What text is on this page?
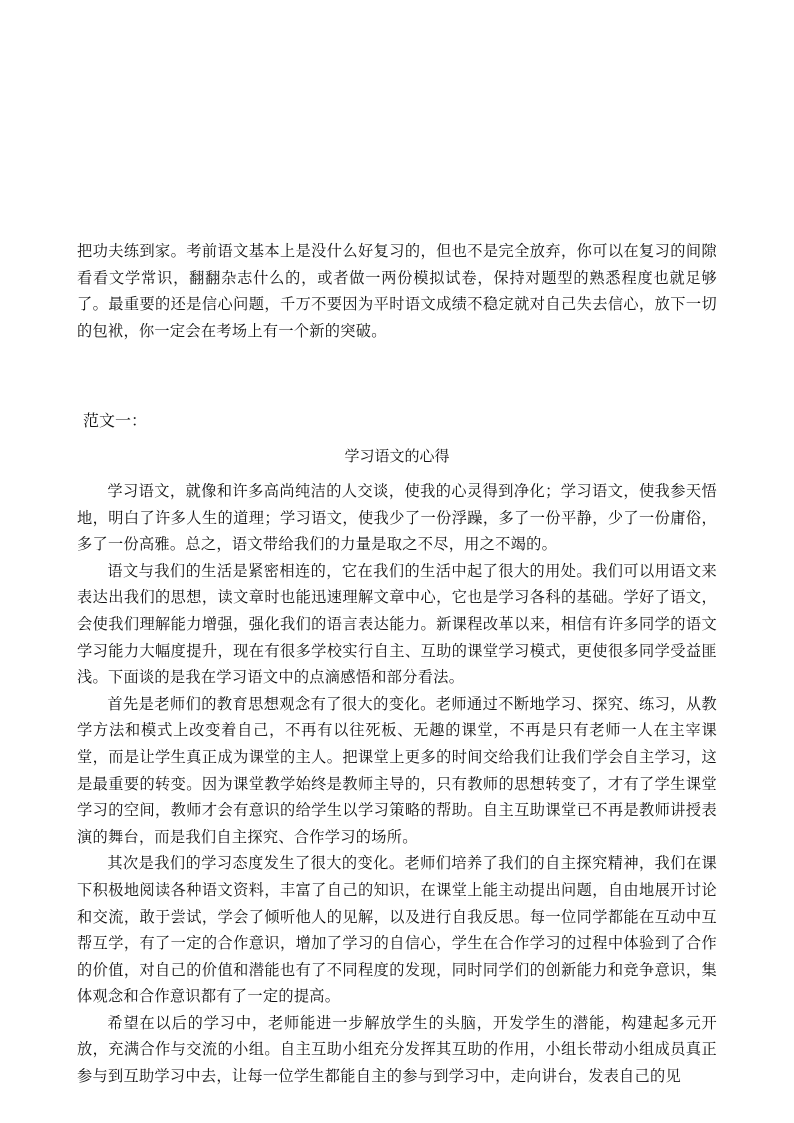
把功夫练到家。考前语文基本上是没什么好复习的，但也不是完全放弃，你可以在复习的间隙看看文学常识，翻翻杂志什么的，或者做一两份模拟试卷，保持对题型的熟悉程度也就足够了。最重要的还是信心问题，千万不要因为平时语文成绩不稳定就对自己失去信心，放下一切的包袱，你一定会在考场上有一个新的突破。

范文一：

学习语文的心得

学习语文，就像和许多高尚纯洁的人交谈，使我的心灵得到净化；学习语文，使我参天悟地，明白了许多人生的道理；学习语文，使我少了一份浮躁，多了一份平静，少了一份庸俗，多了一份高雅。总之，语文带给我们的力量是取之不尽，用之不竭的。

语文与我们的生活是紧密相连的，它在我们的生活中起了很大的用处。我们可以用语文来表达出我们的思想，读文章时也能迅速理解文章中心，它也是学习各科的基础。学好了语文，会使我们理解能力增强，强化我们的语言表达能力。新课程改革以来，相信有许多同学的语文学习能力大幅度提升，现在有很多学校实行自主、互助的课堂学习模式，更使很多同学受益匪浅。下面谈的是我在学习语文中的点滴感悟和部分看法。

首先是老师们的教育思想观念有了很大的变化。老师通过不断地学习、探究、练习，从教学方法和模式上改变着自己，不再有以往死板、无趣的课堂，不再是只有老师一人在主宰课堂，而是让学生真正成为课堂的主人。把课堂上更多的时间交给我们让我们学会自主学习，这是最重要的转变。因为课堂教学始终是教师主导的，只有教师的思想转变了，才有了学生课堂学习的空间，教师才会有意识的给学生以学习策略的帮助。自主互助课堂已不再是教师讲授表演的舞台，而是我们自主探究、合作学习的场所。

其次是我们的学习态度发生了很大的变化。老师们培养了我们的自主探究精神，我们在课下积极地阅读各种语文资料，丰富了自己的知识，在课堂上能主动提出问题，自由地展开讨论和交流，敢于尝试，学会了倾听他人的见解，以及进行自我反思。每一位同学都能在互动中互帮互学，有了一定的合作意识，增加了学习的自信心，学生在合作学习的过程中体验到了合作的价值，对自己的价值和潜能也有了不同程度的发现，同时同学们的创新能力和竞争意识，集体观念和合作意识都有了一定的提高。

希望在以后的学习中，老师能进一步解放学生的头脑，开发学生的潜能，构建起多元开放，充满合作与交流的小组。自主互助小组充分发挥其互助的作用，小组长带动小组成员真正参与到互助学习中去，让每一位学生都能自主的参与到学习中，走向讲台，发表自己的见
